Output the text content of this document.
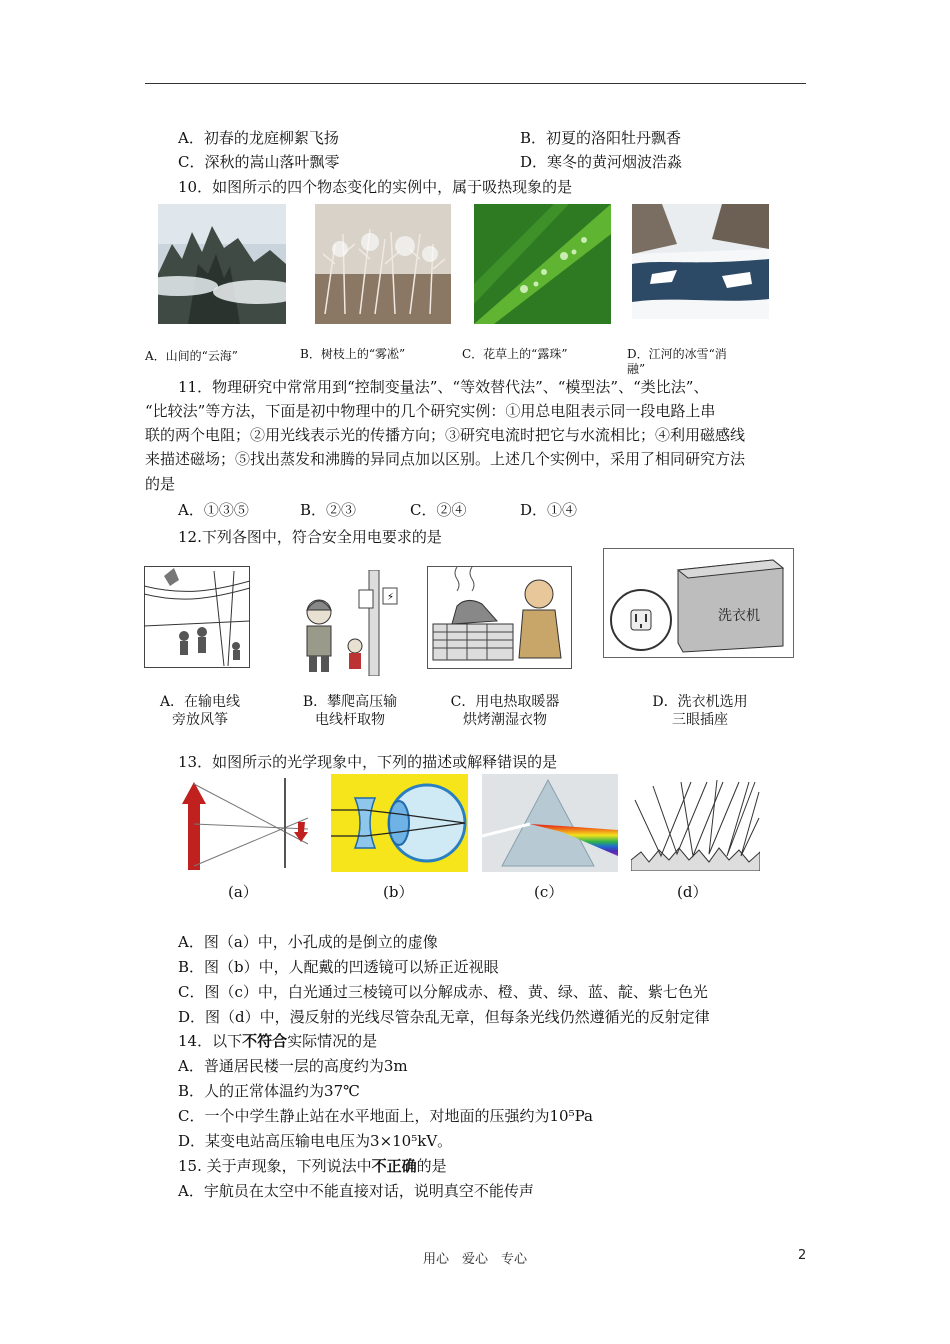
A．初春的龙庭柳絮飞扬	B．初夏的洛阳牡丹飘香
C．深秋的嵩山落叶飘零	D．寒冬的黄河烟波浩淼
10．如图所示的四个物态变化的实例中，属于吸热现象的是
A．山间的“云海”	B．树枝上的“雾凇”	C．花草上的“露珠”	D．江河的冰雪“消
融”
11．物理研究中常常用到“控制变量法”、“等效替代法”、“模型法”、“类比法”、
“比较法”等方法，下面是初中物理中的几个研究实例：①用总电阻表示同一段电路上串
联的两个电阻；②用光线表示光的传播方向；③研究电流时把它与水流相比；④利用磁感线
来描述磁场；⑤找出蒸发和沸腾的异同点加以区别。上述几个实例中，采用了相同研究方法
的是
A．①③⑤	B．②③	C．②④	D．①④
12.下列各图中，符合安全用电要求的是
⚡
洗衣机
A．在输电线
旁放风筝
B．攀爬高压输
电线杆取物
C．用电热取暖器
烘烤潮湿衣物
D．洗衣机选用
三眼插座
13．如图所示的光学现象中，下列的描述或解释错误的是
(a）	(b）	(c）	(d）
A．图（a）中，小孔成的是倒立的虚像
B．图（b）中，人配戴的凹透镜可以矫正近视眼
C．图（c）中，白光通过三棱镜可以分解成赤、橙、黄、绿、蓝、靛、紫七色光
D．图（d）中，漫反射的光线尽管杂乱无章，但每条光线仍然遵循光的反射定律
14．以下不符合实际情况的是
A．普通居民楼一层的高度约为3m
B．人的正常体温约为37℃
C．一个中学生静止站在水平地面上，对地面的压强约为10⁵Pa
D．某变电站高压输电电压为3×10⁵kV。
15. 关于声现象，下列说法中不正确的是
A．宇航员在太空中不能直接对话，说明真空不能传声
用心　爱心　专心	2
